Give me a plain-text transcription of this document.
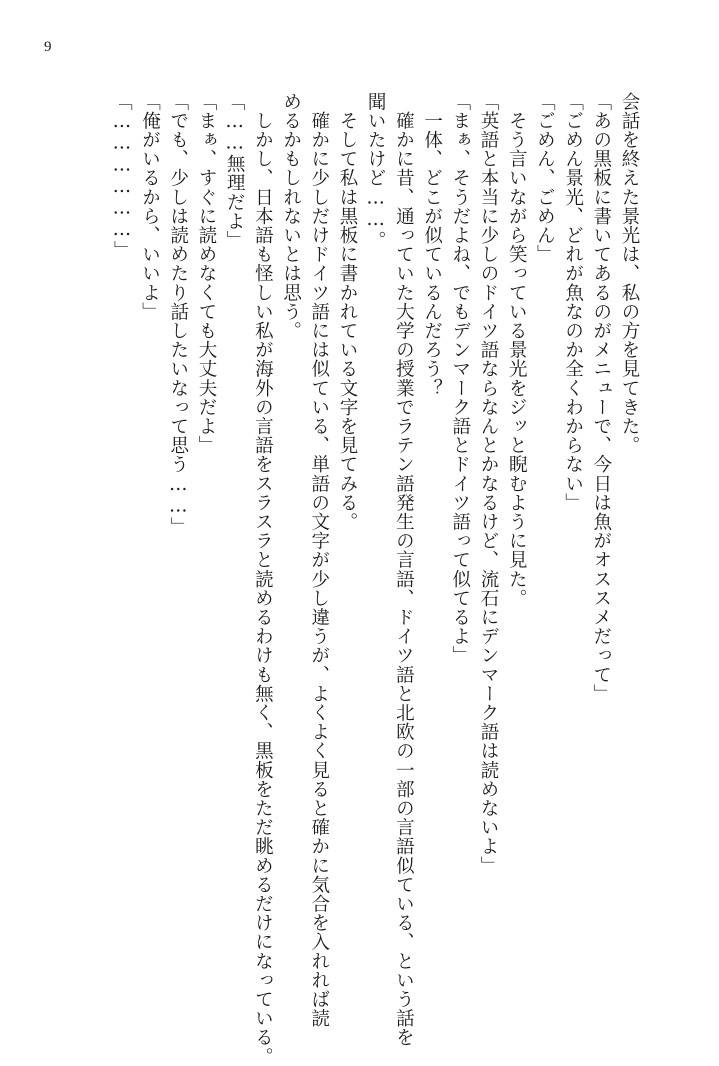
9
会話を終えた景光は、私の方を見てきた。
「あの黒板に書いてあるのがメニューで、今日は魚がオススメだって」
「ごめん景光、どれが魚なのか全くわからない」
「ごめん、ごめん」
　そう言いながら笑っている景光をジッと睨むように見た。
「英語と本当に少しのドイツ語ならなんとかなるけど、流石にデンマーク語は読めないよ」
「まぁ、そうだよね、でもデンマーク語とドイツ語って似てるよ」
　一体、どこが似ているんだろう？
　確かに昔、通っていた大学の授業でラテン語発生の言語、ドイツ語と北欧の一部の言語似ている、という話を
聞いたけど……。
　そして私は黒板に書かれている文字を見てみる。
　確かに少しだけドイツ語には似ている、単語の文字が少し違うが、よくよく見ると確かに気合を入れれば読
めるかもしれないとは思う。
　しかし、日本語も怪しい私が海外の言語をスラスラと読めるわけも無く、黒板をただ眺めるだけになっている。
「……無理だよ」
「まぁ、すぐに読めなくても大丈夫だよ」
「でも、少しは読めたり話したいなって思う……」
「俺がいるから、いいよ」
「………………」
